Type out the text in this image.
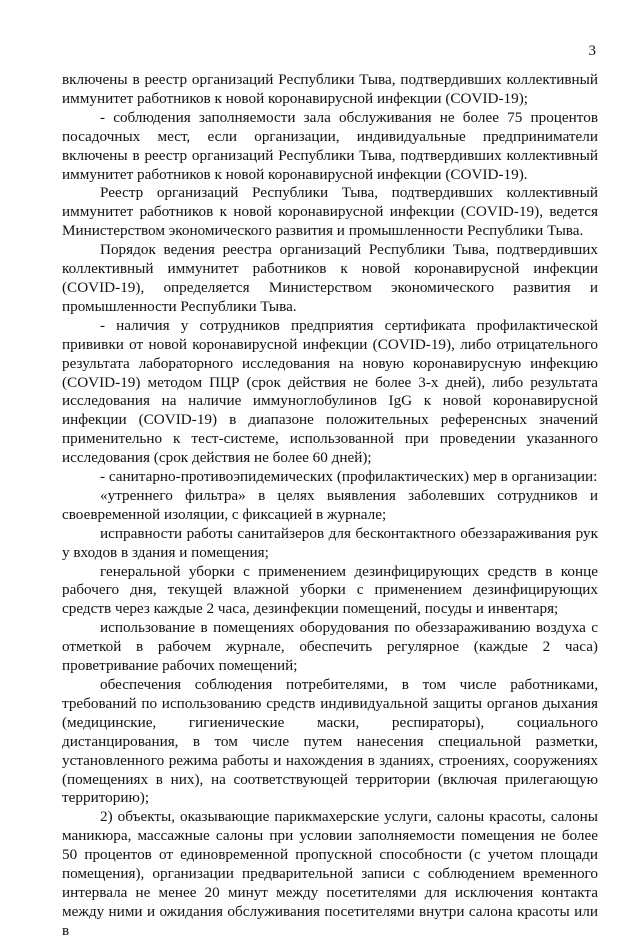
3

включены в реестр организаций Республики Тыва, подтвердивших коллективный иммунитет работников к новой коронавирусной инфекции (COVID-19);

- соблюдения заполняемости зала обслуживания не более 75 процентов посадочных мест, если организации, индивидуальные предприниматели включены в реестр организаций Республики Тыва, подтвердивших коллективный иммунитет работников к новой коронавирусной инфекции (COVID-19).

Реестр организаций Республики Тыва, подтвердивших коллективный иммунитет работников к новой коронавирусной инфекции (COVID-19), ведется Министерством экономического развития и промышленности Республики Тыва.

Порядок ведения реестра организаций Республики Тыва, подтвердивших коллективный иммунитет работников к новой коронавирусной инфекции (COVID-19), определяется Министерством экономического развития и промышленности Республики Тыва.

- наличия у сотрудников предприятия сертификата профилактической прививки от новой коронавирусной инфекции (COVID-19), либо отрицательного результата лабораторного исследования на новую коронавирусную инфекцию (COVID-19) методом ПЦР (срок действия не более 3-х дней), либо результата исследования на наличие иммуноглобулинов IgG к новой коронавирусной инфекции (COVID-19) в диапазоне положительных референсных значений применительно к тест-системе, использованной при проведении указанного исследования (срок действия не более 60 дней);

- санитарно-противоэпидемических (профилактических) мер в организации:

«утреннего фильтра» в целях выявления заболевших сотрудников и своевременной изоляции, с фиксацией в журнале;

исправности работы санитайзеров для бесконтактного обеззараживания рук у входов в здания и помещения;

генеральной уборки с применением дезинфицирующих средств в конце рабочего дня, текущей влажной уборки с применением дезинфицирующих средств через каждые 2 часа, дезинфекции помещений, посуды и инвентаря;

использование в помещениях оборудования по обеззараживанию воздуха с отметкой в рабочем журнале, обеспечить регулярное (каждые 2 часа) проветривание рабочих помещений;

обеспечения соблюдения потребителями, в том числе работниками, требований по использованию средств индивидуальной защиты органов дыхания (медицинские, гигиенические маски, респираторы), социального дистанцирования, в том числе путем нанесения специальной разметки, установленного режима работы и нахождения в зданиях, строениях, сооружениях (помещениях в них), на соответствующей территории (включая прилегающую территорию);

2) объекты, оказывающие парикмахерские услуги, салоны красоты, салоны маникюра, массажные салоны при условии заполняемости помещения не более 50 процентов от единовременной пропускной способности (с учетом площади помещения), организации предварительной записи с соблюдением временного интервала не менее 20 минут между посетителями для исключения контакта между ними и ожидания обслуживания посетителями внутри салона красоты или в
